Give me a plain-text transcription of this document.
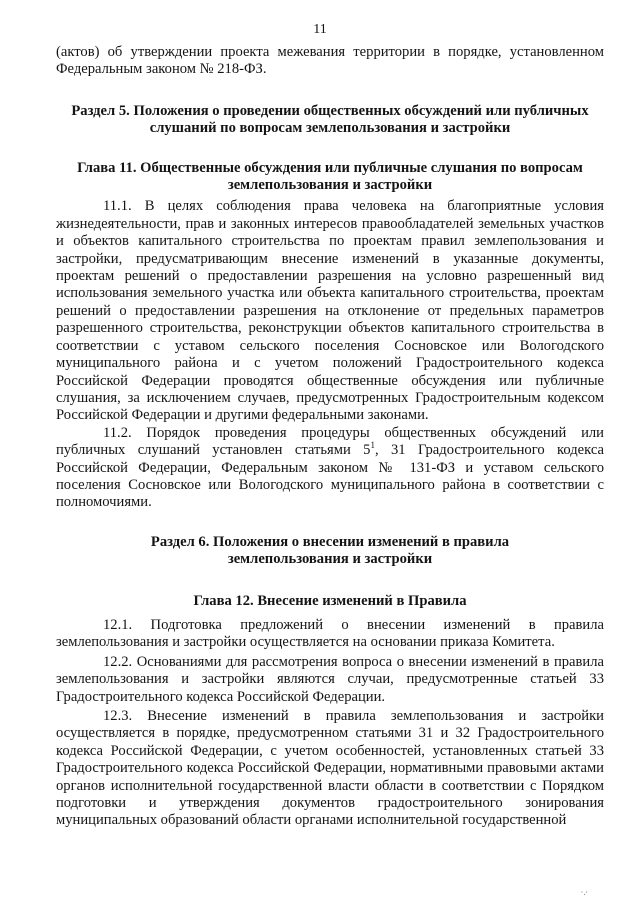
11

(актов) об утверждении проекта межевания территории в порядке, установленном Федеральным законом № 218-ФЗ.

Раздел 5. Положения о проведении общественных обсуждений или публичных слушаний по вопросам землепользования и застройки
Глава 11. Общественные обсуждения или публичные слушания по вопросам землепользования и застройки

11.1. В целях соблюдения права человека на благоприятные условия жизнедеятельности, прав и законных интересов правообладателей земельных участков и объектов капитального строительства по проектам правил землепользования и застройки, предусматривающим внесение изменений в указанные документы, проектам решений о предоставлении разрешения на условно разрешенный вид использования земельного участка или объекта капитального строительства, проектам решений о предоставлении разрешения на отклонение от предельных параметров разрешенного строительства, реконструкции объектов капитального строительства в соответствии с уставом сельского поселения Сосновское или Вологодского муниципального района и с учетом положений Градостроительного кодекса Российской Федерации проводятся общественные обсуждения или публичные слушания, за исключением случаев, предусмотренных Градостроительным кодексом Российской Федерации и другими федеральными законами.

11.2. Порядок проведения процедуры общественных обсуждений или публичных слушаний установлен статьями $5^1$, 31 Градостроительного кодекса Российской Федерации, Федеральным законом № 131-ФЗ и уставом сельского поселения Сосновское или Вологодского муниципального района в соответствии с полномочиями.

Раздел 6. Положения о внесении изменений в правила землепользования и застройки
Глава 12. Внесение изменений в Правила

12.1. Подготовка предложений о внесении изменений в правила землепользования и застройки осуществляется на основании приказа Комитета.

12.2. Основаниями для рассмотрения вопроса о внесении изменений в правила землепользования и застройки являются случаи, предусмотренные статьей 33 Градостроительного кодекса Российской Федерации.

12.3. Внесение изменений в правила землепользования и застройки осуществляется в порядке, предусмотренном статьями 31 и 32 Градостроительного кодекса Российской Федерации, с учетом особенностей, установленных статьей 33 Градостроительного кодекса Российской Федерации, нормативными правовыми актами органов исполнительной государственной власти области в соответствии с Порядком подготовки и утверждения документов градостроительного зонирования муниципальных образований области органами исполнительной государственной

·.·
